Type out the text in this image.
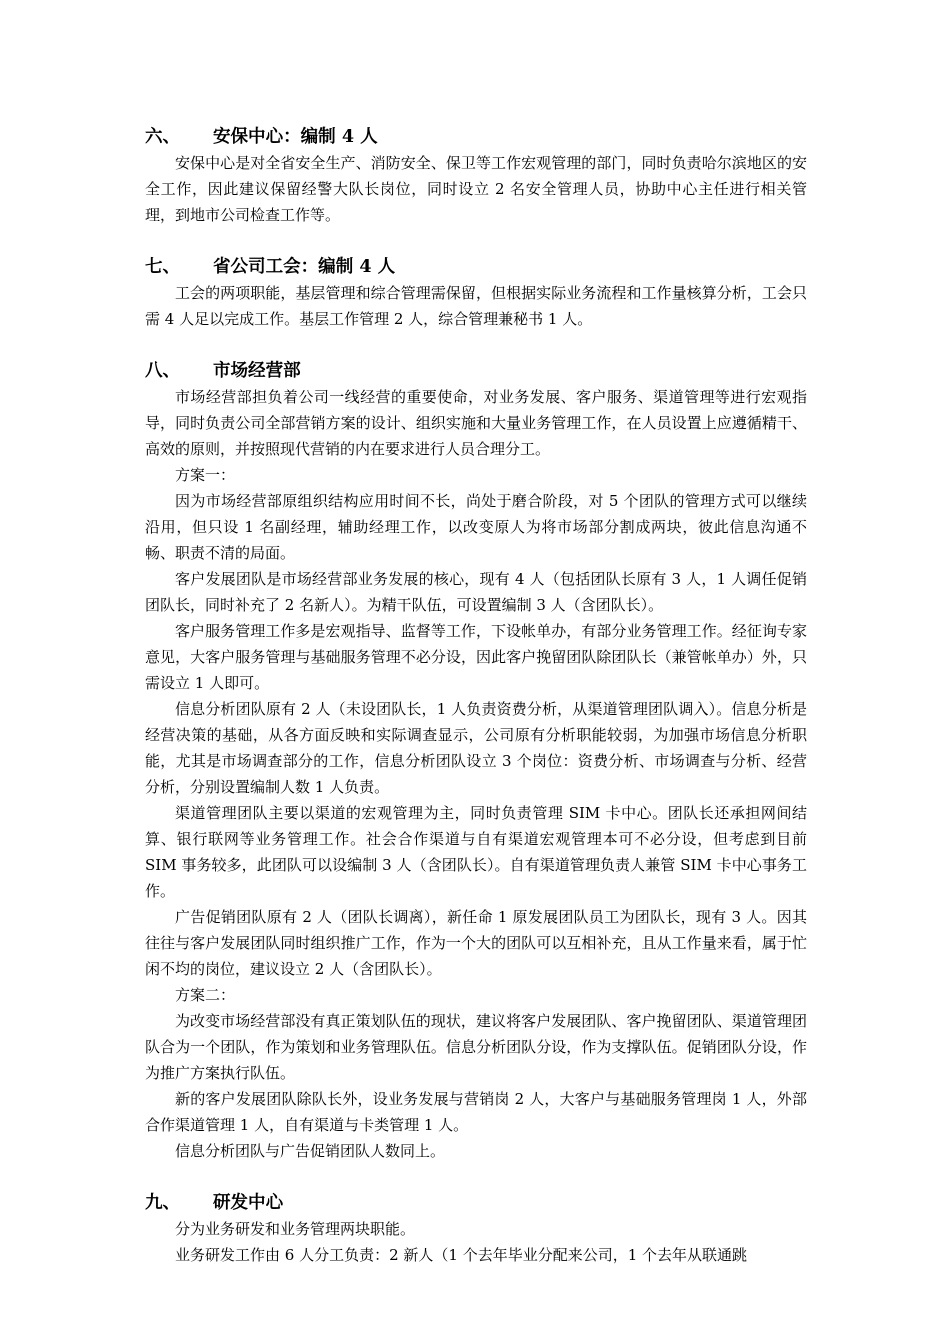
六、	安保中心：编制 4 人

安保中心是对全省安全生产、消防安全、保卫等工作宏观管理的部门，同时负责哈尔滨地区的安全工作，因此建议保留经警大队长岗位，同时设立 2 名安全管理人员，协助中心主任进行相关管理，到地市公司检查工作等。

七、	省公司工会：编制 4 人

工会的两项职能，基层管理和综合管理需保留，但根据实际业务流程和工作量核算分析，工会只需 4 人足以完成工作。基层工作管理 2 人，综合管理兼秘书 1 人。

八、	市场经营部

市场经营部担负着公司一线经营的重要使命，对业务发展、客户服务、渠道管理等进行宏观指导，同时负责公司全部营销方案的设计、组织实施和大量业务管理工作，在人员设置上应遵循精干、高效的原则，并按照现代营销的内在要求进行人员合理分工。

方案一：

因为市场经营部原组织结构应用时间不长，尚处于磨合阶段，对 5 个团队的管理方式可以继续沿用，但只设 1 名副经理，辅助经理工作，以改变原人为将市场部分割成两块，彼此信息沟通不畅、职责不清的局面。

客户发展团队是市场经营部业务发展的核心，现有 4 人（包括团队长原有 3 人，1 人调任促销团队长，同时补充了 2 名新人）。为精干队伍，可设置编制 3 人（含团队长）。

客户服务管理工作多是宏观指导、监督等工作，下设帐单办，有部分业务管理工作。经征询专家意见，大客户服务管理与基础服务管理不必分设，因此客户挽留团队除团队长（兼管帐单办）外，只需设立 1 人即可。

信息分析团队原有 2 人（未设团队长，1 人负责资费分析，从渠道管理团队调入）。信息分析是经营决策的基础，从各方面反映和实际调查显示，公司原有分析职能较弱，为加强市场信息分析职能，尤其是市场调查部分的工作，信息分析团队设立 3 个岗位：资费分析、市场调查与分析、经营分析，分别设置编制人数 1 人负责。

渠道管理团队主要以渠道的宏观管理为主，同时负责管理 SIM 卡中心。团队长还承担网间结算、银行联网等业务管理工作。社会合作渠道与自有渠道宏观管理本可不必分设，但考虑到目前 SIM 事务较多，此团队可以设编制 3 人（含团队长）。自有渠道管理负责人兼管 SIM 卡中心事务工作。

广告促销团队原有 2 人（团队长调离），新任命 1 原发展团队员工为团队长，现有 3 人。因其往往与客户发展团队同时组织推广工作，作为一个大的团队可以互相补充，且从工作量来看，属于忙闲不均的岗位，建议设立 2 人（含团队长）。

方案二：

为改变市场经营部没有真正策划队伍的现状，建议将客户发展团队、客户挽留团队、渠道管理团队合为一个团队，作为策划和业务管理队伍。信息分析团队分设，作为支撑队伍。促销团队分设，作为推广方案执行队伍。

新的客户发展团队除队长外，设业务发展与营销岗 2 人，大客户与基础服务管理岗 1 人，外部合作渠道管理 1 人，自有渠道与卡类管理 1 人。

信息分析团队与广告促销团队人数同上。

九、	研发中心

分为业务研发和业务管理两块职能。

业务研发工作由 6 人分工负责：2 新人（1 个去年毕业分配来公司，1 个去年从联通跳
